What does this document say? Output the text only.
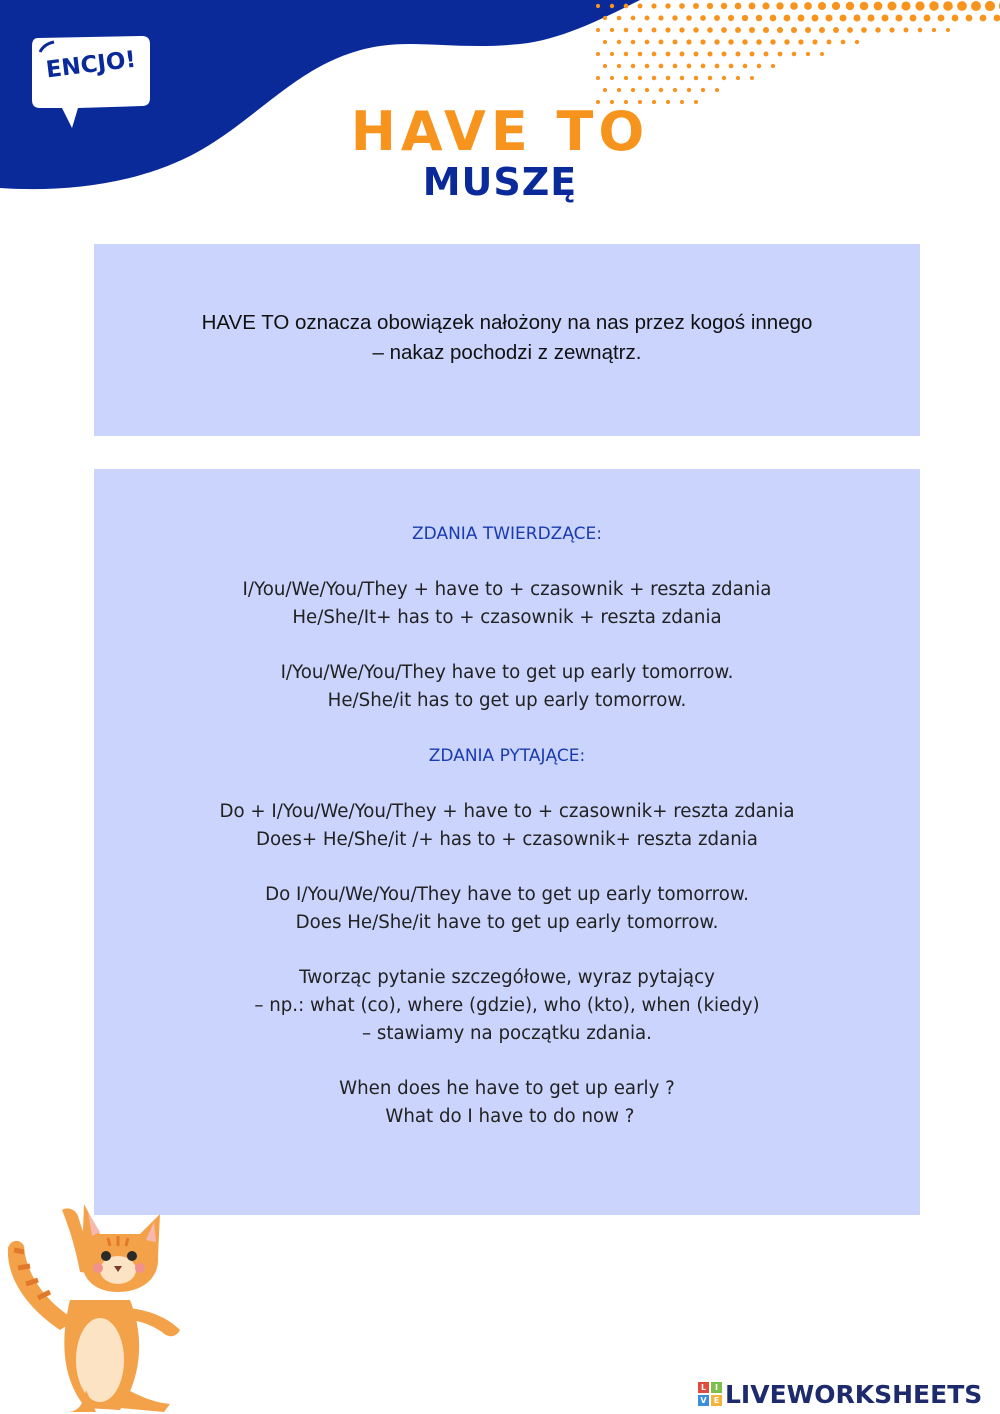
ENCJO!
HAVE TO
MUSZĘ
HAVE TO oznacza obowiązek nałożony na nas przez kogoś innego
– nakaz pochodzi z zewnątrz.
ZDANIA TWIERDZĄCE:
I/You/We/You/They + have to + czasownik + reszta zdania
He/She/It+ has to + czasownik + reszta zdania
I/You/We/You/They have to get up early tomorrow.
He/She/it has to get up early tomorrow.
ZDANIA PYTAJĄCE:
Do + I/You/We/You/They + have to + czasownik+ reszta zdania
Does+ He/She/it /+ has to + czasownik+ reszta zdania
Do I/You/We/You/They have to get up early tomorrow.
Does He/She/it have to get up early tomorrow.
Tworząc pytanie szczegółowe, wyraz pytający
– np.: what (co), where (gdzie), who (kto), when (kiedy)
– stawiamy na początku zdania.
When does he have to get up early ?
What do I have to do now ?
L	I
V E LIVEWORKSHEETS
